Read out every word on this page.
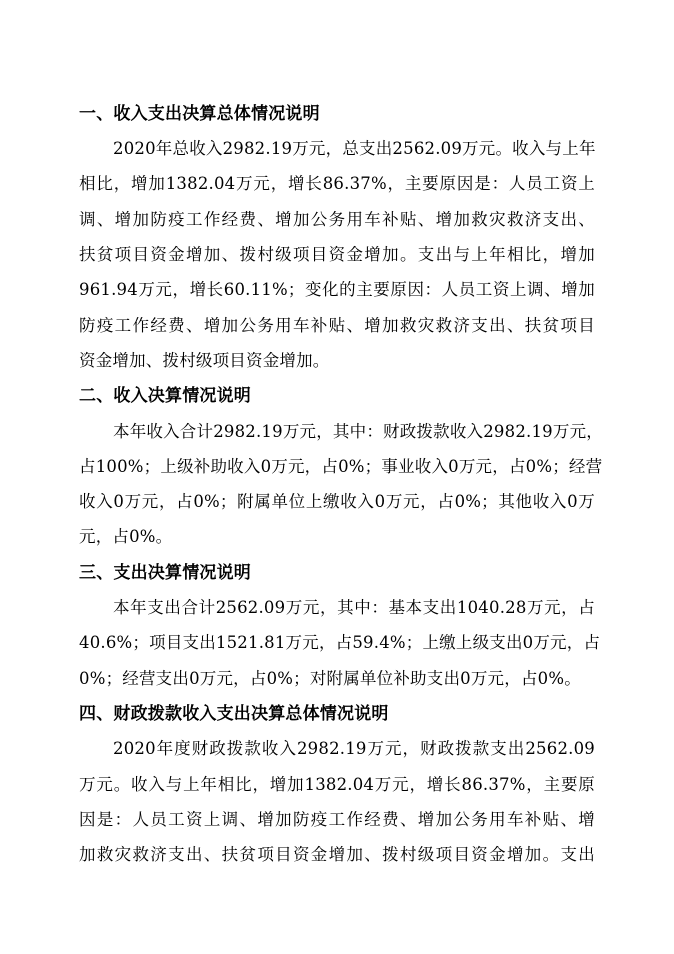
一、收入支出决算总体情况说明
2020年总收入2982.19万元，总支出2562.09万元。收入与上年
相比，增加1382.04万元，增长86.37%，主要原因是：人员工资上
调、增加防疫工作经费、增加公务用车补贴、增加救灾救济支出、
扶贫项目资金增加、拨村级项目资金增加。支出与上年相比，增加
961.94万元，增长60.11%；变化的主要原因：人员工资上调、增加
防疫工作经费、增加公务用车补贴、增加救灾救济支出、扶贫项目
资金增加、拨村级项目资金增加。
二、收入决算情况说明
本年收入合计2982.19万元，其中：财政拨款收入2982.19万元，
占100%；上级补助收入0万元，占0%；事业收入0万元，占0%；经营
收入0万元，占0%；附属单位上缴收入0万元，占0%；其他收入0万
元，占0%。
三、支出决算情况说明
本年支出合计2562.09万元，其中：基本支出1040.28万元，占
40.6%；项目支出1521.81万元，占59.4%；上缴上级支出0万元，占
0%；经营支出0万元，占0%；对附属单位补助支出0万元，占0%。
四、财政拨款收入支出决算总体情况说明
2020年度财政拨款收入2982.19万元，财政拨款支出2562.09
万元。收入与上年相比，增加1382.04万元，增长86.37%，主要原
因是：人员工资上调、增加防疫工作经费、增加公务用车补贴、增
加救灾救济支出、扶贫项目资金增加、拨村级项目资金增加。支出
